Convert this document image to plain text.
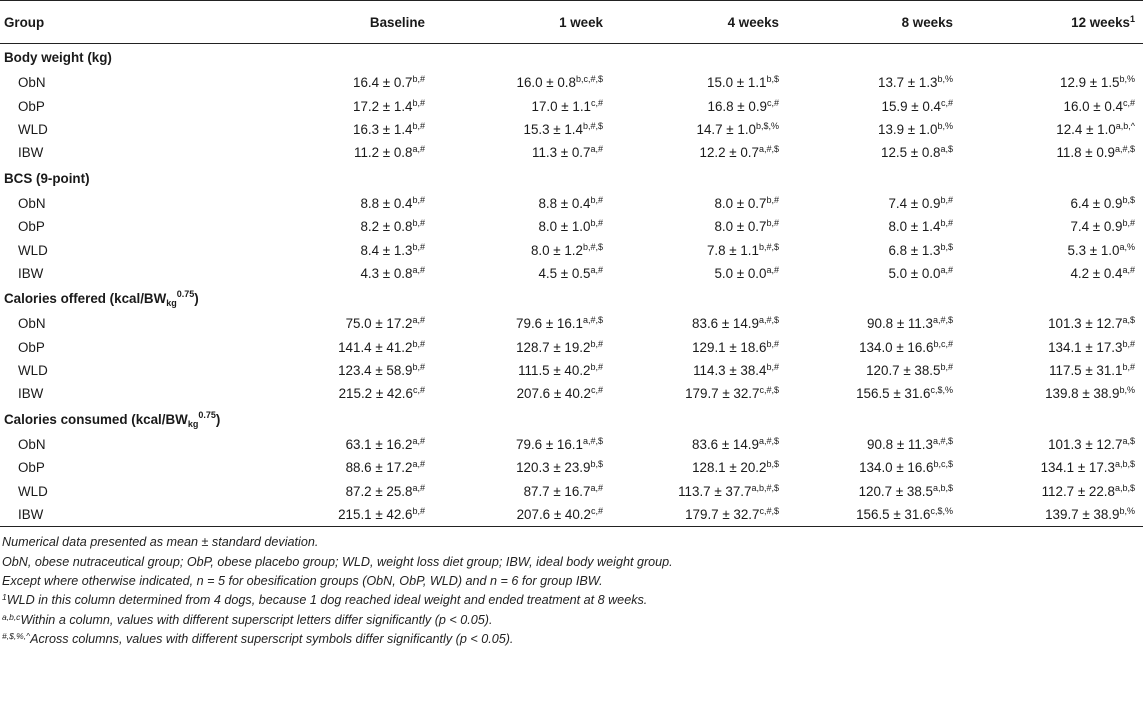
Group	Baseline	1 week	4 weeks	8 weeks	12 weeks$^1$
Body weight (kg)					
ObN	$16.4 \pm 0.7^{b,\#}$	$16.0 \pm 0.8^{b,c,\#,\$}$	$15.0 \pm 1.1^{b,\$}$	$13.7 \pm 1.3^{b,\%}$	$12.9 \pm 1.5^{b,\%}$
ObP	$17.2 \pm 1.4^{b,\#}$	$17.0 \pm 1.1^{c,\#}$	$16.8 \pm 0.9^{c,\#}$	$15.9 \pm 0.4^{c,\#}$	$16.0 \pm 0.4^{c,\#}$
WLD	$16.3 \pm 1.4^{b,\#}$	$15.3 \pm 1.4^{b,\#,\$}$	$14.7 \pm 1.0^{b,\$,\%}$	$13.9 \pm 1.0^{b,\%}$	$12.4 \pm 1.0^{a,b,\^{}}$
IBW	$11.2 \pm 0.8^{a,\#}$	$11.3 \pm 0.7^{a,\#}$	$12.2 \pm 0.7^{a,\#,\$}$	$12.5 \pm 0.8^{a,\$}$	$11.8 \pm 0.9^{a,\#,\$}$
BCS (9-point)					
ObN	$8.8 \pm 0.4^{b,\#}$	$8.8 \pm 0.4^{b,\#}$	$8.0 \pm 0.7^{b,\#}$	$7.4 \pm 0.9^{b,\#}$	$6.4 \pm 0.9^{b,\$}$
ObP	$8.2 \pm 0.8^{b,\#}$	$8.0 \pm 1.0^{b,\#}$	$8.0 \pm 0.7^{b,\#}$	$8.0 \pm 1.4^{b,\#}$	$7.4 \pm 0.9^{b,\#}$
WLD	$8.4 \pm 1.3^{b,\#}$	$8.0 \pm 1.2^{b,\#,\$}$	$7.8 \pm 1.1^{b,\#,\$}$	$6.8 \pm 1.3^{b,\$}$	$5.3 \pm 1.0^{a,\%}$
IBW	$4.3 \pm 0.8^{a,\#}$	$4.5 \pm 0.5^{a,\#}$	$5.0 \pm 0.0^{a,\#}$	$5.0 \pm 0.0^{a,\#}$	$4.2 \pm 0.4^{a,\#}$
Calories offered $(kcal/BW_{kg}^{0.75})$					
ObN	$75.0 \pm 17.2^{a,\#}$	$79.6 \pm 16.1^{a,\#,\$}$	$83.6 \pm 14.9^{a,\#,\$}$	$90.8 \pm 11.3^{a,\#,\$}$	$101.3 \pm 12.7^{a,\$}$
ObP	$141.4 \pm 41.2^{b,\#}$	$128.7 \pm 19.2^{b,\#}$	$129.1 \pm 18.6^{b,\#}$	$134.0 \pm 16.6^{b,c,\#}$	$134.1 \pm 17.3^{b,\#}$
WLD	$123.4 \pm 58.9^{b,\#}$	$111.5 \pm 40.2^{b,\#}$	$114.3 \pm 38.4^{b,\#}$	$120.7 \pm 38.5^{b,\#}$	$117.5 \pm 31.1^{b,\#}$
IBW	$215.2 \pm 42.6^{c,\#}$	$207.6 \pm 40.2^{c,\#}$	$179.7 \pm 32.7^{c,\#,\$}$	$156.5 \pm 31.6^{c,\$,\%}$	$139.8 \pm 38.9^{b,\%}$
Calories consumed $(kcal/BW_{kg}^{0.75})$					
ObN	$63.1 \pm 16.2^{a,\#}$	$79.6 \pm 16.1^{a,\#,\$}$	$83.6 \pm 14.9^{a,\#,\$}$	$90.8 \pm 11.3^{a,\#,\$}$	$101.3 \pm 12.7^{a,\$}$
ObP	$88.6 \pm 17.2^{a,\#}$	$120.3 \pm 23.9^{b,\$}$	$128.1 \pm 20.2^{b,\$}$	$134.0 \pm 16.6^{b,c,\$}$	$134.1 \pm 17.3^{a,b,\$}$
WLD	$87.2 \pm 25.8^{a,\#}$	$87.7 \pm 16.7^{a,\#}$	$113.7 \pm 37.7^{a,b,\#,\$}$	$120.7 \pm 38.5^{a,b,\$}$	$112.7 \pm 22.8^{a,b,\$}$
IBW	$215.1 \pm 42.6^{b,\#}$	$207.6 \pm 40.2^{c,\#}$	$179.7 \pm 32.7^{c,\#,\$}$	$156.5 \pm 31.6^{c,\$,\%}$	$139.7 \pm 38.9^{b,\%}$
Numerical data presented as mean ± standard deviation.
ObN, obese nutraceutical group; ObP, obese placebo group; WLD, weight loss diet group; IBW, ideal body weight group.
Except where otherwise indicated, n = 5 for obesification groups (ObN, ObP, WLD) and n = 6 for group IBW.
$^1$WLD in this column determined from 4 dogs, because 1 dog reached ideal weight and ended treatment at 8 weeks.
$^{a,b,c}$Within a column, values with different superscript letters differ significantly (p < 0.05).
#,$,%,^Across columns, values with different superscript symbols differ significantly (p < 0.05).
